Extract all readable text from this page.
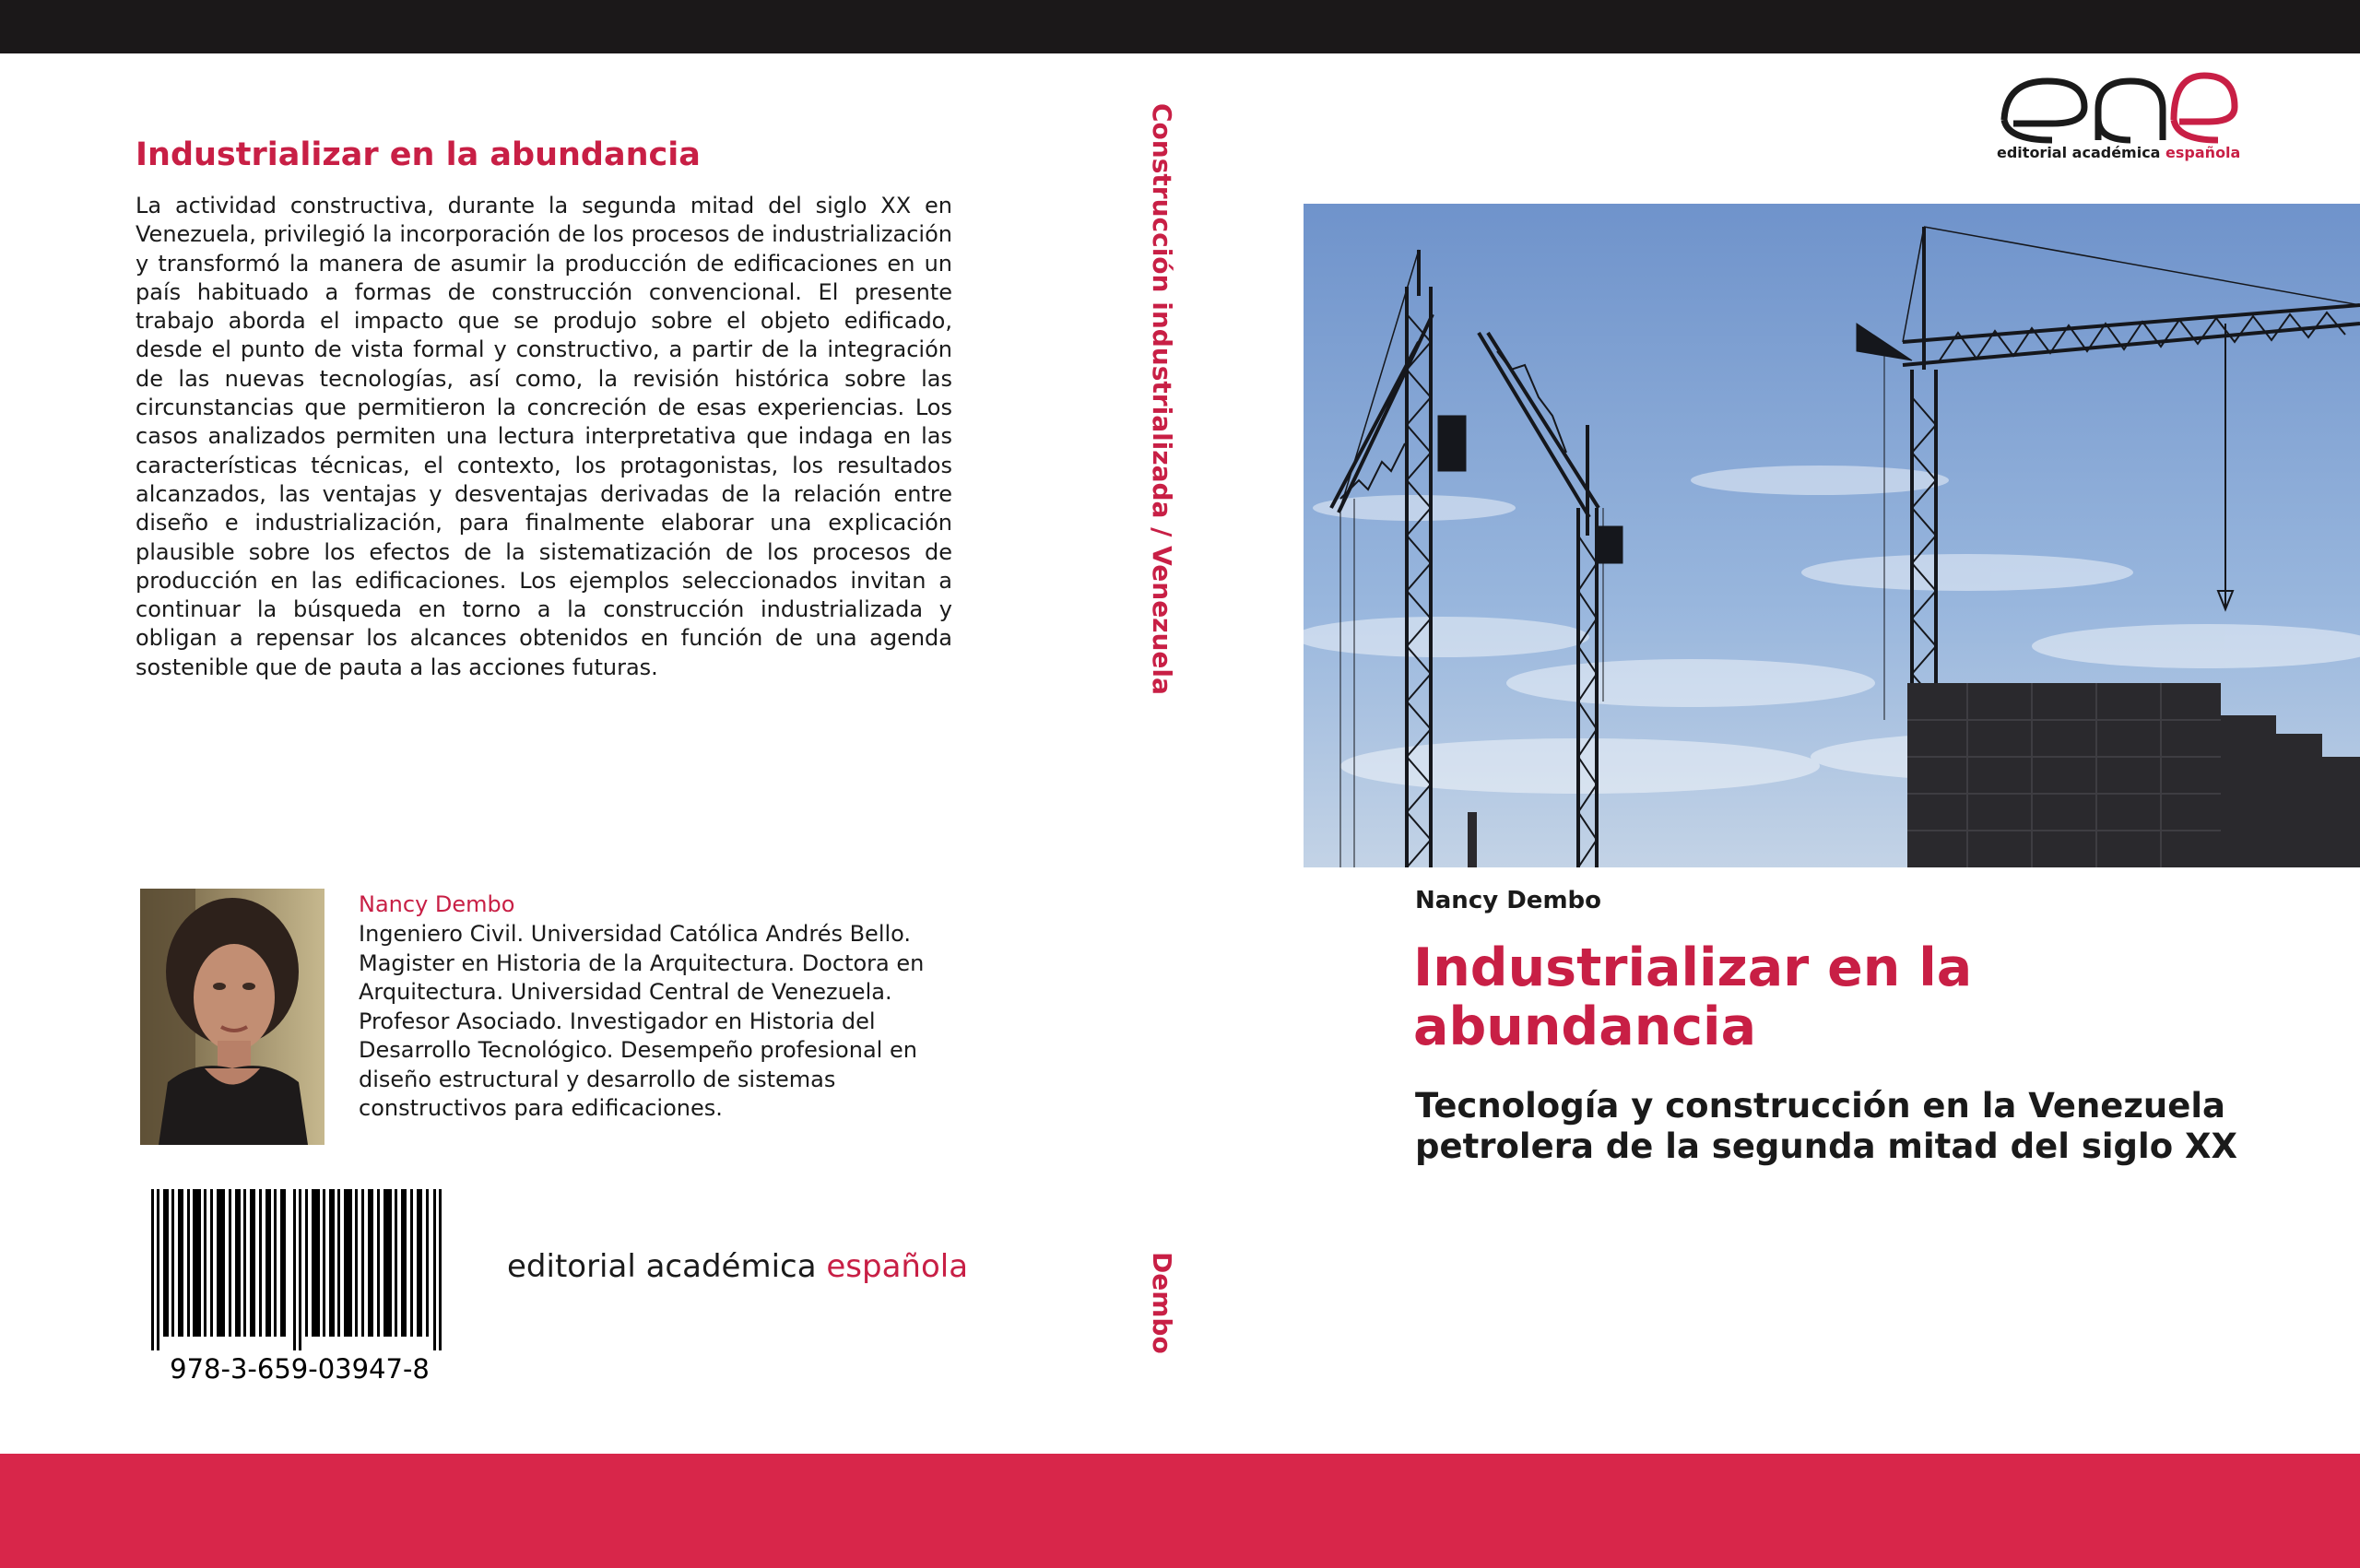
Industrializar en la abundancia
La actividad constructiva, durante la segunda mitad del siglo XX en Venezuela, privilegió la incorporación de los procesos de industrialización y transformó la manera de asumir la producción de edificaciones en un país habituado a formas de construcción convencional. El presente trabajo aborda el impacto que se produjo sobre el objeto edificado, desde el punto de vista formal y constructivo, a partir de la integración de las nuevas tecnologías, así como, la revisión histórica sobre las circunstancias que permitieron la concreción de esas experiencias. Los casos analizados permiten una lectura interpretativa que indaga en las características técnicas, el contexto, los protagonistas, los resultados alcanzados, las ventajas y desventajas derivadas de la relación entre diseño e industrialización, para finalmente elaborar una explicación plausible sobre los efectos de la sistematización de los procesos de producción en las edificaciones. Los ejemplos seleccionados invitan a continuar la búsqueda en torno a la construcción industrializada y obligan a repensar los alcances obtenidos en función de una agenda sostenible que de pauta a las acciones futuras.
Nancy Dembo
Ingeniero Civil. Universidad Católica Andrés Bello. Magister en Historia de la Arquitectura. Doctora en Arquitectura. Universidad Central de Venezuela. Profesor Asociado. Investigador en Historia del Desarrollo Tecnológico. Desempeño profesional en diseño estructural y desarrollo de sistemas constructivos para edificaciones.
978-3-659-03947-8
editorial académica española
Construcción industrializada / Venezuela
Dembo
editorial académica española
Nancy Dembo
Industrializar en la abundancia
Tecnología y construcción en la Venezuela petrolera de la segunda mitad del siglo XX
